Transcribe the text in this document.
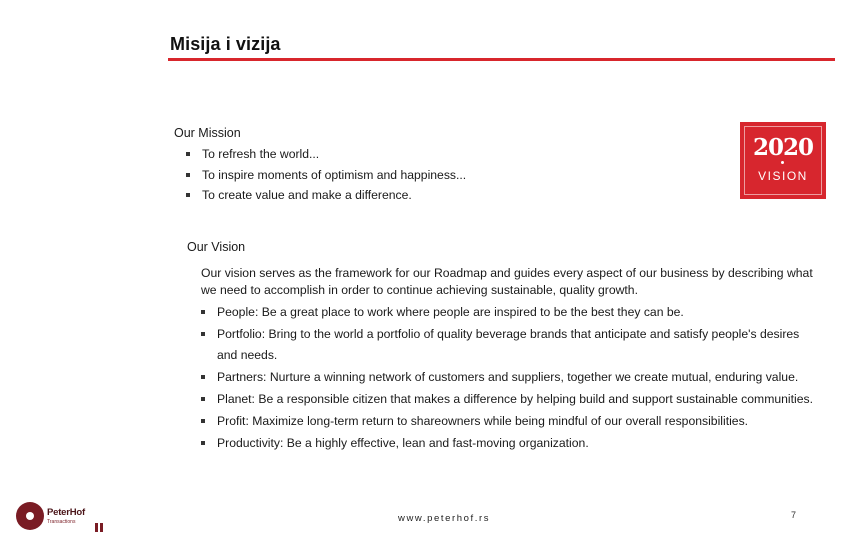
Misija i vizija
Our Mission
To refresh the world...
To inspire moments of optimism and happiness...
To create value and make a difference.
2020
VISION
Our Vision
Our vision serves as the framework for our Roadmap and guides every aspect of our business by describing what we need to accomplish in order to continue achieving sustainable, quality growth.
People: Be a great place to work where people are inspired to be the best they can be.
Portfolio: Bring to the world a portfolio of quality beverage brands that anticipate and satisfy people's desires and needs.
Partners: Nurture a winning network of customers and suppliers, together we create mutual, enduring value.
Planet: Be a responsible citizen that makes a difference by helping build and support sustainable communities.
Profit: Maximize long-term return to shareowners while being mindful of our overall responsibilities.
Productivity: Be a highly effective, lean and fast-moving organization.
PeterHof
Transactions	www.peterhof.rs	7
